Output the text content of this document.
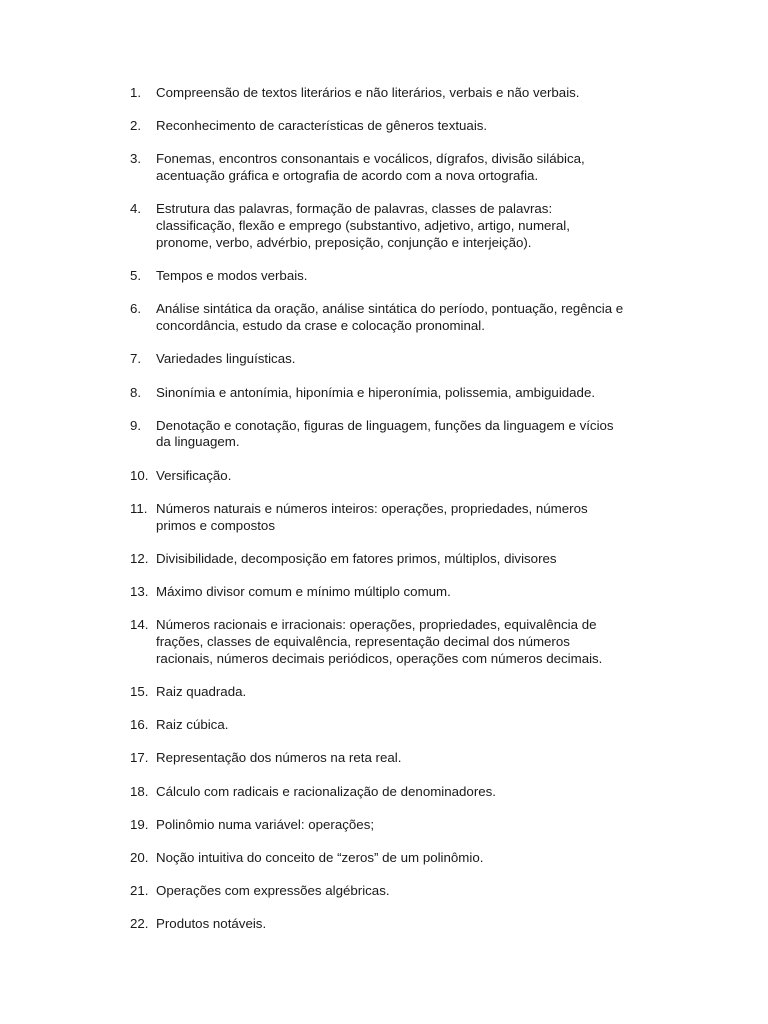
1.	Compreensão de textos literários e não literários, verbais e não verbais.
2.	Reconhecimento de características de gêneros textuais.
3.	Fonemas, encontros consonantais e vocálicos, dígrafos, divisão silábica,
acentuação gráfica e ortografia de acordo com a nova ortografia.
4.	Estrutura das palavras, formação de palavras, classes de palavras:
classificação, flexão e emprego (substantivo, adjetivo, artigo, numeral,
pronome, verbo, advérbio, preposição, conjunção e interjeição).
5.	Tempos e modos verbais.
6.	Análise sintática da oração, análise sintática do período, pontuação, regência e
concordância, estudo da crase e colocação pronominal.
7.	Variedades linguísticas.
8.	Sinonímia e antonímia, hiponímia e hiperonímia, polissemia, ambiguidade.
9.	Denotação e conotação, figuras de linguagem, funções da linguagem e vícios
da linguagem.
10. Versificação.
11. Números naturais e números inteiros: operações, propriedades, números
primos e compostos
12. Divisibilidade, decomposição em fatores primos, múltiplos, divisores
13. Máximo divisor comum e mínimo múltiplo comum.
14. Números racionais e irracionais: operações, propriedades, equivalência de
frações, classes de equivalência, representação decimal dos números
racionais, números decimais periódicos, operações com números decimais.
15. Raiz quadrada.
16. Raiz cúbica.
17. Representação dos números na reta real.
18. Cálculo com radicais e racionalização de denominadores.
19. Polinômio numa variável: operações;
20. Noção intuitiva do conceito de “zeros” de um polinômio.
21. Operações com expressões algébricas.
22. Produtos notáveis.
